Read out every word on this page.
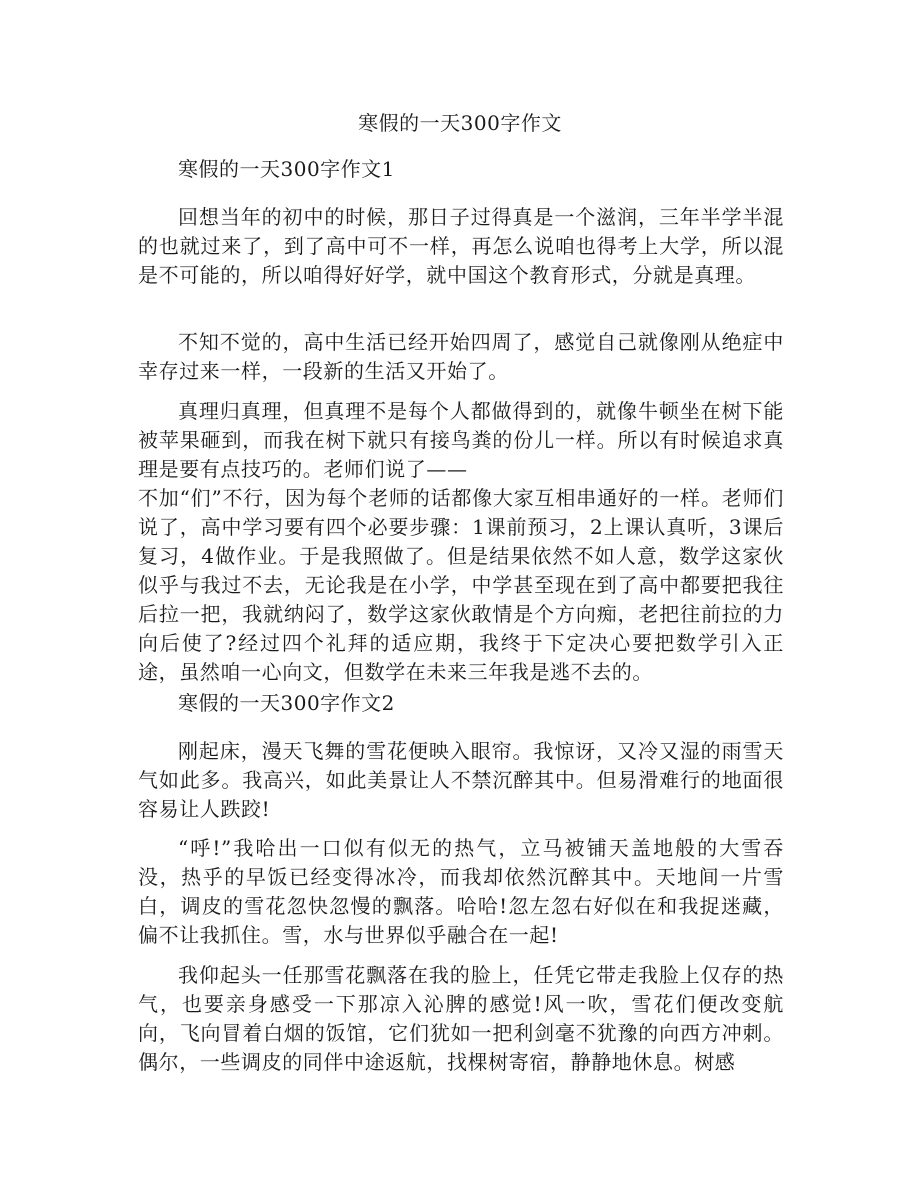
寒假的一天300字作文
寒假的一天300字作文1
回想当年的初中的时候，那日子过得真是一个滋润，三年半学半混的也就过来了，到了高中可不一样，再怎么说咱也得考上大学，所以混是不可能的，所以咱得好好学，就中国这个教育形式，分就是真理。
不知不觉的，高中生活已经开始四周了，感觉自己就像刚从绝症中幸存过来一样，一段新的生活又开始了。
真理归真理，但真理不是每个人都做得到的，就像牛顿坐在树下能被苹果砸到，而我在树下就只有接鸟粪的份儿一样。所以有时候追求真理是要有点技巧的。老师们说了——
不加“们”不行，因为每个老师的话都像大家互相串通好的一样。老师们说了，高中学习要有四个必要步骤：1课前预习，2上课认真听，3课后复习，4做作业。于是我照做了。但是结果依然不如人意，数学这家伙似乎与我过不去，无论我是在小学，中学甚至现在到了高中都要把我往后拉一把，我就纳闷了，数学这家伙敢情是个方向痴，老把往前拉的力向后使了?经过四个礼拜的适应期，我终于下定决心要把数学引入正途，虽然咱一心向文，但数学在未来三年我是逃不去的。
寒假的一天300字作文2
刚起床，漫天飞舞的雪花便映入眼帘。我惊讶，又冷又湿的雨雪天气如此多。我高兴，如此美景让人不禁沉醉其中。但易滑难行的地面很容易让人跌跤!
“呼!”我哈出一口似有似无的热气，立马被铺天盖地般的大雪吞没，热乎的早饭已经变得冰冷，而我却依然沉醉其中。天地间一片雪白，调皮的雪花忽快忽慢的飘落。哈哈!忽左忽右好似在和我捉迷藏，偏不让我抓住。雪，水与世界似乎融合在一起!
我仰起头一任那雪花飘落在我的脸上，任凭它带走我脸上仅存的热气，也要亲身感受一下那凉入沁脾的感觉!风一吹，雪花们便改变航向，飞向冒着白烟的饭馆，它们犹如一把利剑毫不犹豫的向西方冲刺。偶尔，一些调皮的同伴中途返航，找棵树寄宿，静静地休息。树感
